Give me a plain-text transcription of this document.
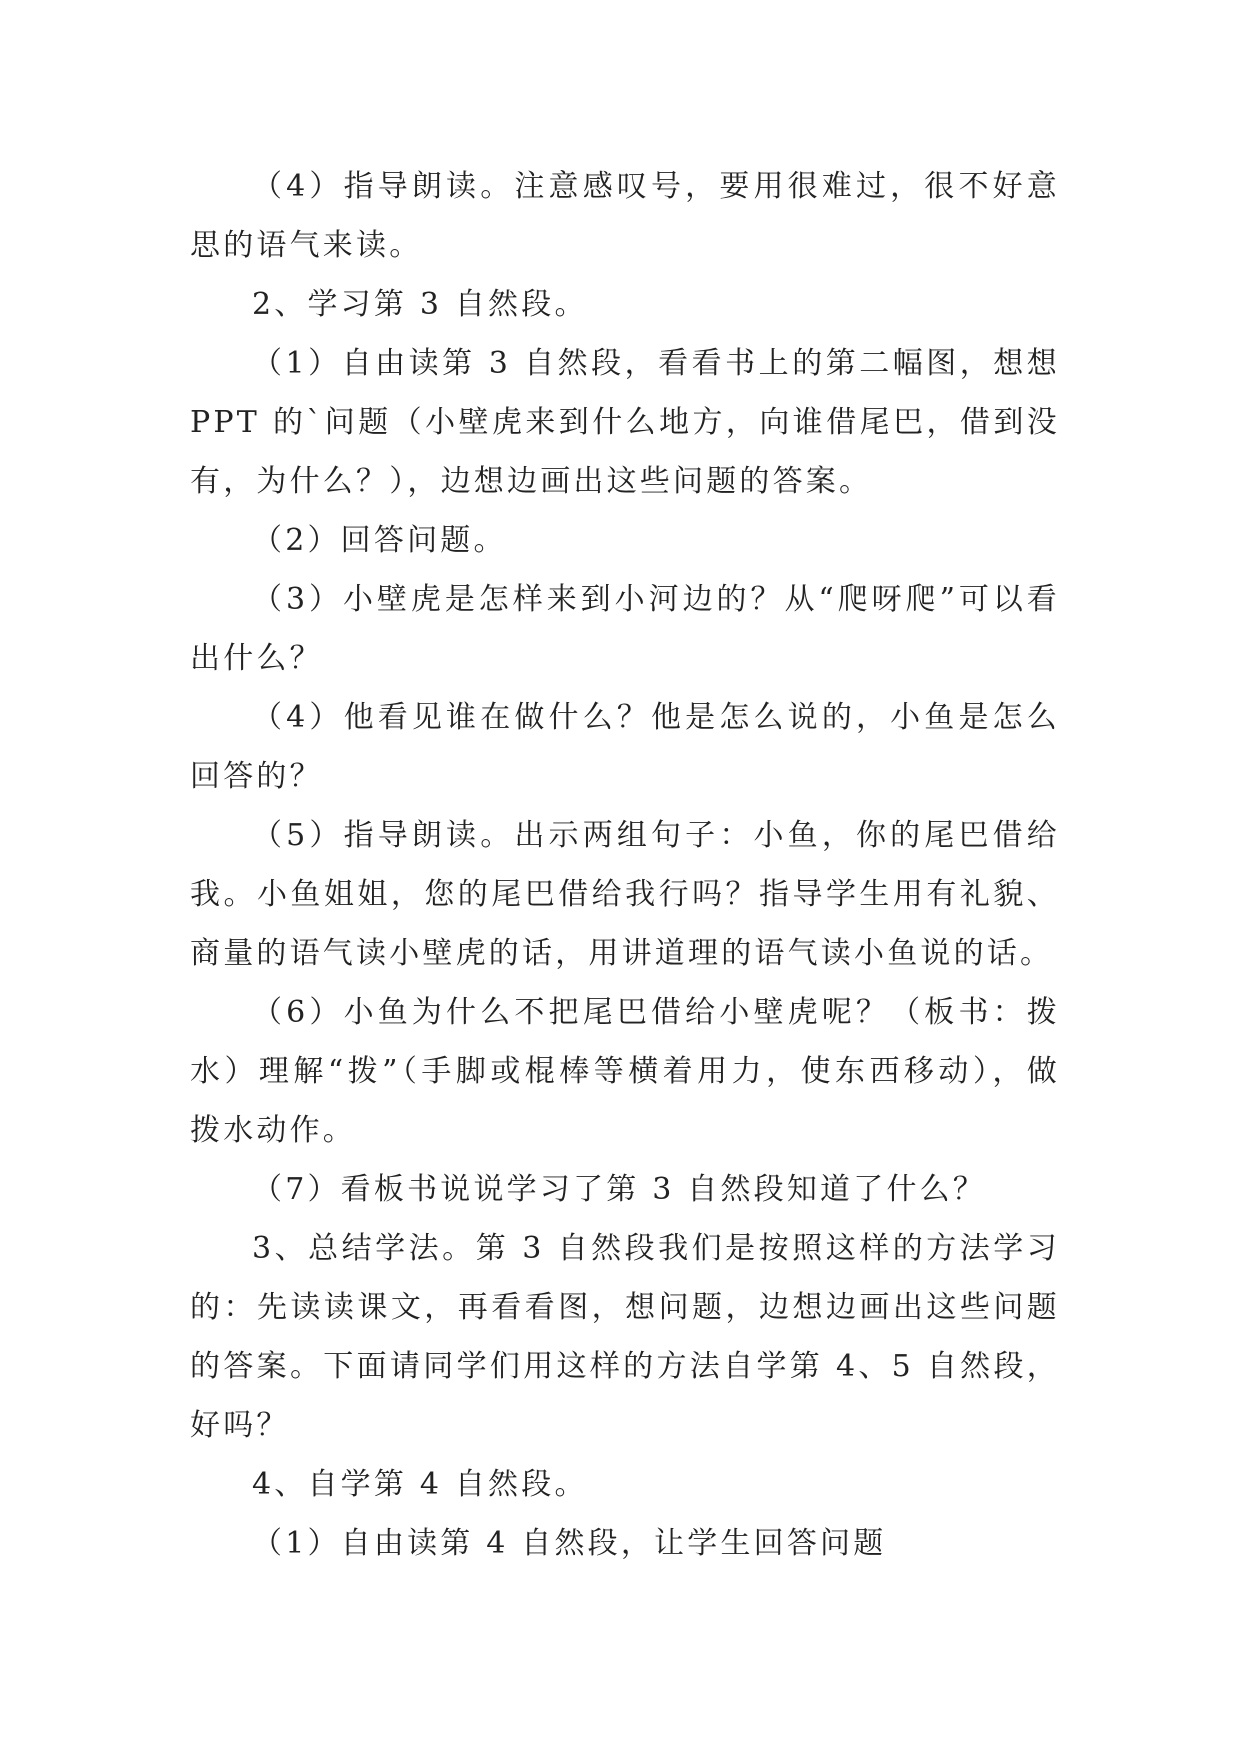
（4）指导朗读。注意感叹号，要用很难过，很不好意思的语气来读。

2、学习第 3 自然段。

（1）自由读第 3 自然段，看看书上的第二幅图，想想 PPT 的`问题（小壁虎来到什么地方，向谁借尾巴，借到没有，为什么？），边想边画出这些问题的答案。

（2）回答问题。

（3）小壁虎是怎样来到小河边的？从“爬呀爬”可以看出什么？

（4）他看见谁在做什么？他是怎么说的，小鱼是怎么回答的？

（5）指导朗读。出示两组句子：小鱼，你的尾巴借给我。小鱼姐姐，您的尾巴借给我行吗？指导学生用有礼貌、商量的语气读小壁虎的话，用讲道理的语气读小鱼说的话。

（6）小鱼为什么不把尾巴借给小壁虎呢？（板书：拨水）理解“拨”（手脚或棍棒等横着用力，使东西移动），做拨水动作。

（7）看板书说说学习了第 3 自然段知道了什么？

3、总结学法。第 3 自然段我们是按照这样的方法学习的：先读读课文，再看看图，想问题，边想边画出这些问题的答案。下面请同学们用这样的方法自学第 4、5 自然段，好吗？

4、自学第 4 自然段。

（1）自由读第 4 自然段，让学生回答问题
